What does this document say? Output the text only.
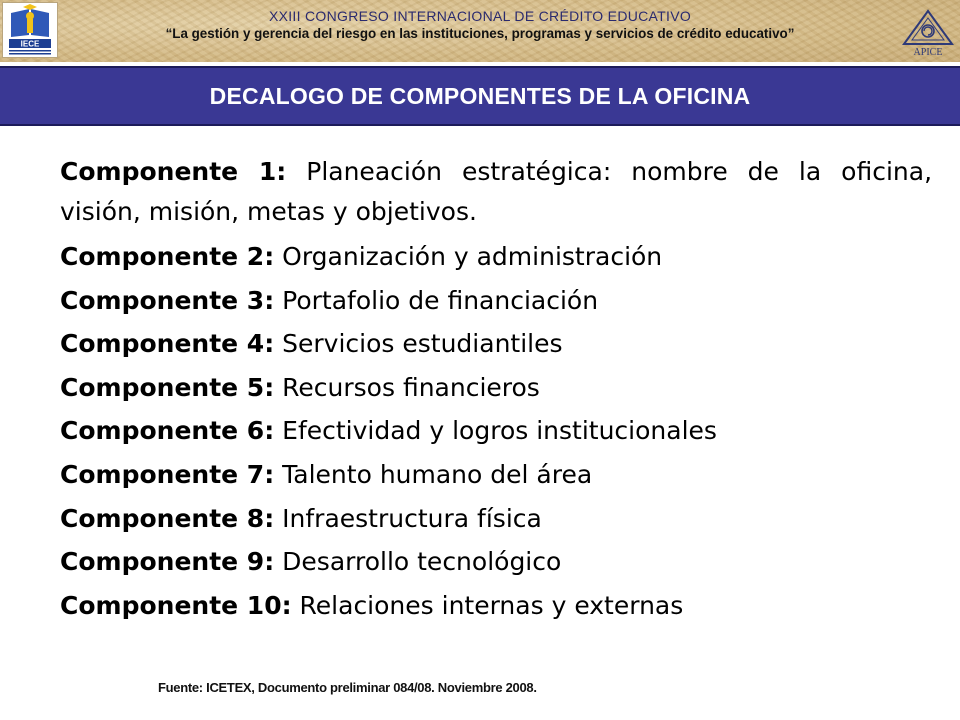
IECE
XXIII CONGRESO INTERNACIONAL DE CRÉDITO EDUCATIVO
“La gestión y gerencia del riesgo en las instituciones, programas y servicios de crédito educativo”
APICE
DECALOGO DE COMPONENTES DE LA OFICINA
Componente 1: Planeación estratégica: nombre de la oficina, visión, misión, metas y objetivos.
Componente 2: Organización y administración
Componente 3: Portafolio de financiación
Componente 4: Servicios estudiantiles
Componente 5: Recursos financieros
Componente 6: Efectividad y logros institucionales
Componente 7: Talento humano del área
Componente 8: Infraestructura física
Componente 9: Desarrollo tecnológico
Componente 10: Relaciones internas y externas
Fuente: ICETEX, Documento preliminar 084/08. Noviembre 2008.
